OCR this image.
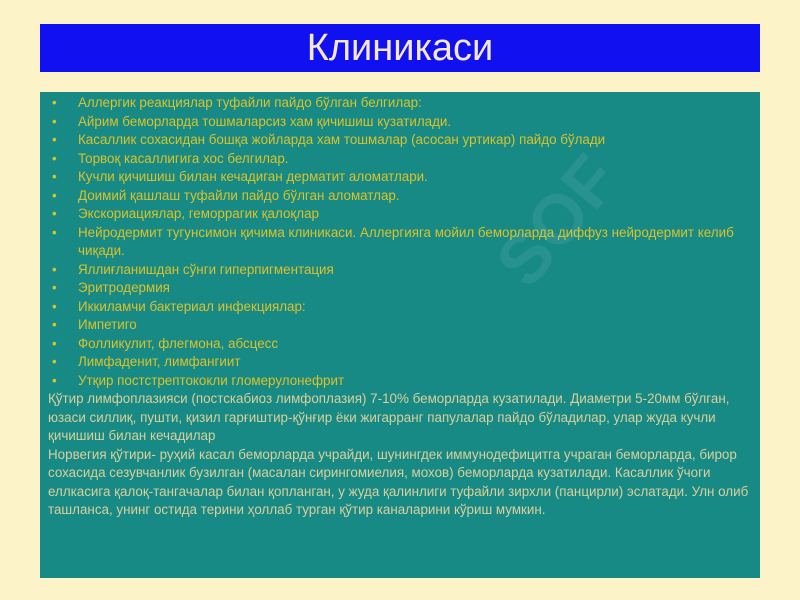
Клиникаси
• Аллергик реакциялар туфайли пайдо бўлган белгилар:
• Айрим беморларда тошмаларсиз хам қичишиш кузатилади.
• Касаллик сохасидан бошқа жойларда хам тошмалар (асосан уртикар) пайдо бўлади
• Торвоқ касаллигига хос белгилар.
• Кучли қичишиш билан кечадиган дерматит аломатлари.
• Доимий қашлаш туфайли пайдо бўлган аломатлар.
• Экскориациялар, геморрагик қалоқлар
• Нейродермит тугунсимон қичима клиникаси. Аллергияга мойил беморларда диффуз нейродермит келиб чиқади.
• Яллиғланишдан сўнги гиперпигментация
• Эритродермия
• Иккиламчи бактериал инфекциялар:
• Импетиго
• Фолликулит, флегмона, абсцесс
• Лимфаденит, лимфангиит
• Утқир постстрептококли гломерулонефрит

Қўтир лимфоплазияси (постскабиоз лимфоплазия) 7-10% беморларда кузатилади. Диаметри 5-20мм бўлган, юзаси силлиқ, пушти, қизил гарғиштир-қўнғир ёки жигарранг папулалар пайдо бўладилар, улар жуда кучли қичишиш билан кечадилар

Норвегия қўтири- руҳий касал беморларда учрайди, шунингдек иммунодефицитга учраган беморларда, бирор сохасида сезувчанлик бузилган (масалан сирингомиелия, мохов) беморларда кузатилади. Касаллик ўчоги еллкасига қалоқ-тангачалар билан қопланган, у жуда қалинлиги туфайли зирхли (панцирли) эслатади. Улн олиб ташланса, унинг остида терини ҳоллаб турган қўтир каналарини кўриш мумкин.
